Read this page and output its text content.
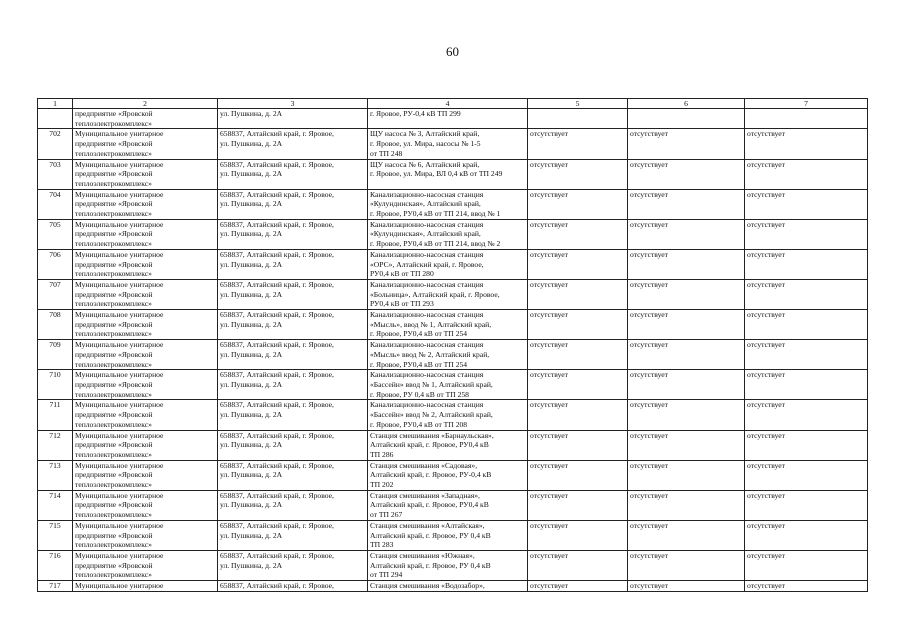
60
1	2	3	4	5	6	7

	предприятие «Яровской
теплоэлектрокомплекс»	ул. Пушкина, д. 2А	г. Яровое, РУ-0,4 кВ ТП 299			

702	Муниципальное унитарное
предприятие «Яровской
теплоэлектрокомплекс»	658837, Алтайский край, г. Яровое,
ул. Пушкина, д. 2А	ЩУ насоса № 3, Алтайский край,
г. Яровое, ул. Мира, насосы № 1-5
от ТП 248	отсутствует	отсутствует	отсутствует
703	Муниципальное унитарное
предприятие «Яровской
теплоэлектрокомплекс»	658837, Алтайский край, г. Яровое,
ул. Пушкина, д. 2А	ЩУ насоса № 6, Алтайский край,
г. Яровое, ул. Мира, ВЛ 0,4 кВ от ТП 249	отсутствует	отсутствует	отсутствует
704	Муниципальное унитарное
предприятие «Яровской
теплоэлектрокомплекс»	658837, Алтайский край, г. Яровое,
ул. Пушкина, д. 2А	Канализационно-насосная станция
«Кулундинская», Алтайский край,
г. Яровое, РУ0,4 кВ от ТП 214, ввод № 1	отсутствует	отсутствует	отсутствует
705	Муниципальное унитарное
предприятие «Яровской
теплоэлектрокомплекс»	658837, Алтайский край, г. Яровое,
ул. Пушкина, д. 2А	Канализационно-насосная станция
«Кулундинская», Алтайский край,
г. Яровое, РУ0,4 кВ от ТП 214, ввод № 2	отсутствует	отсутствует	отсутствует
706	Муниципальное унитарное
предприятие «Яровской
теплоэлектрокомплекс»	658837, Алтайский край, г. Яровое,
ул. Пушкина, д. 2А	Канализационно-насосная станция
«ОРС», Алтайский край, г. Яровое,
РУ0,4 кВ от ТП 280	отсутствует	отсутствует	отсутствует
707	Муниципальное унитарное
предприятие «Яровской
теплоэлектрокомплекс»	658837, Алтайский край, г. Яровое,
ул. Пушкина, д. 2А	Канализационно-насосная станция
«Больница», Алтайский край, г. Яровое,
РУ0,4 кВ от ТП 293	отсутствует	отсутствует	отсутствует
708	Муниципальное унитарное
предприятие «Яровской
теплоэлектрокомплекс»	658837, Алтайский край, г. Яровое,
ул. Пушкина, д. 2А	Канализационно-насосная станция
«Мысль», ввод № 1, Алтайский край,
г. Яровое, РУ0,4 кВ от ТП 254	отсутствует	отсутствует	отсутствует
709	Муниципальное унитарное
предприятие «Яровской
теплоэлектрокомплекс»	658837, Алтайский край, г. Яровое,
ул. Пушкина, д. 2А	Канализационно-насосная станция
«Мысль» ввод № 2, Алтайский край,
г. Яровое, РУ0,4 кВ от ТП 254	отсутствует	отсутствует	отсутствует
710	Муниципальное унитарное
предприятие «Яровской
теплоэлектрокомплекс»	658837, Алтайский край, г. Яровое,
ул. Пушкина, д. 2А	Канализационно-насосная станция
«Бассейн» ввод № 1, Алтайский край,
г. Яровое, РУ 0,4 кВ от ТП 258	отсутствует	отсутствует	отсутствует
711	Муниципальное унитарное
предприятие «Яровской
теплоэлектрокомплекс»	658837, Алтайский край, г. Яровое,
ул. Пушкина, д. 2А	Канализационно-насосная станция
«Бассейн» ввод № 2, Алтайский край,
г. Яровое, РУ0,4 кВ от ТП 208	отсутствует	отсутствует	отсутствует
712	Муниципальное унитарное
предприятие «Яровской
теплоэлектрокомплекс»	658837, Алтайский край, г. Яровое,
ул. Пушкина, д. 2А	Станция смешивания «Барнаульская»,
Алтайский край, г. Яровое, РУ0,4 кВ
ТП 286	отсутствует	отсутствует	отсутствует
713	Муниципальное унитарное
предприятие «Яровской
теплоэлектрокомплекс»	658837, Алтайский край, г. Яровое,
ул. Пушкина, д. 2А	Станция смешивания «Садовая»,
Алтайский край, г. Яровое, РУ-0,4 кВ
ТП 202	отсутствует	отсутствует	отсутствует
714	Муниципальное унитарное
предприятие «Яровской
теплоэлектрокомплекс»	658837, Алтайский край, г. Яровое,
ул. Пушкина, д. 2А	Станция смешивания «Западная»,
Алтайский край, г. Яровое, РУ0,4 кВ
от ТП 267	отсутствует	отсутствует	отсутствует
715	Муниципальное унитарное
предприятие «Яровской
теплоэлектрокомплекс»	658837, Алтайский край, г. Яровое,
ул. Пушкина, д. 2А	Станция смешивания «Алтайская»,
Алтайский край, г. Яровое, РУ 0,4 кВ
ТП 283	отсутствует	отсутствует	отсутствует
716	Муниципальное унитарное
предприятие «Яровской
теплоэлектрокомплекс»	658837, Алтайский край, г. Яровое,
ул. Пушкина, д. 2А	Станция смешивания «Южная»,
Алтайский край, г. Яровое, РУ 0,4 кВ
от ТП 294	отсутствует	отсутствует	отсутствует
717	Муниципальное унитарное	658837, Алтайский край, г. Яровое,	Станция смешивания «Водозабор»,	отсутствует	отсутствует	отсутствует
